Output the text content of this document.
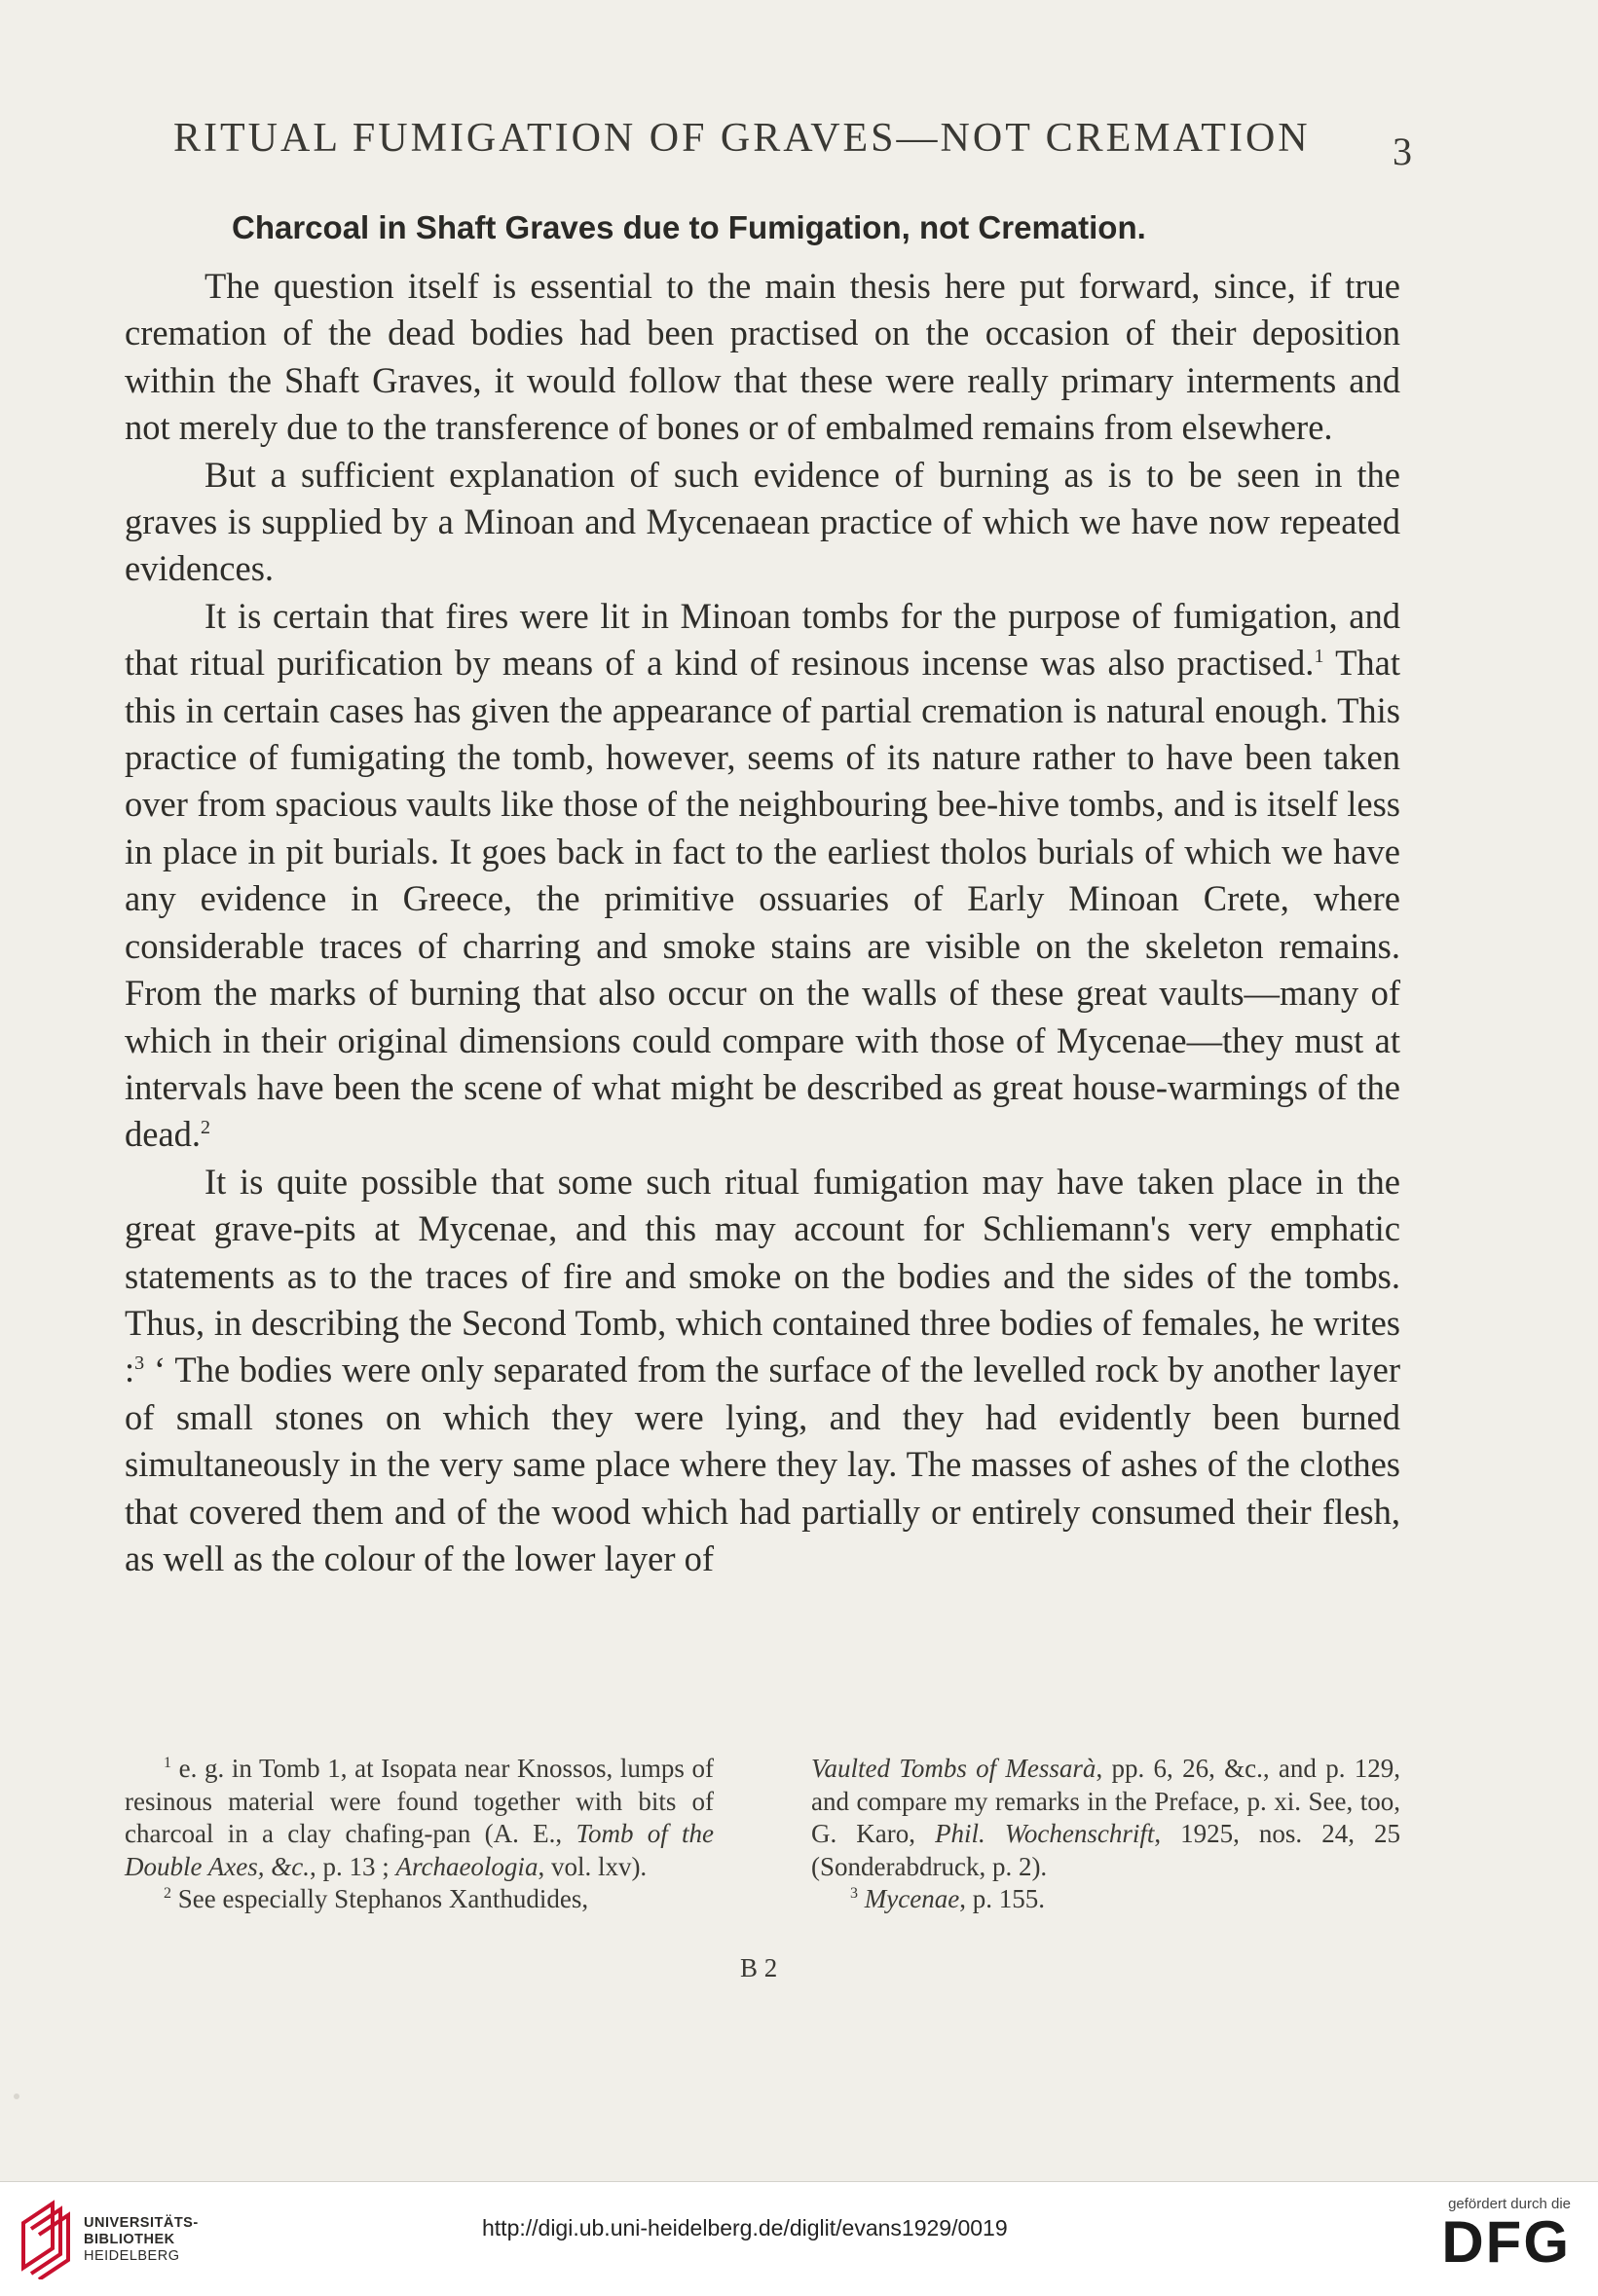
RITUAL FUMIGATION OF GRAVES—NOT CREMATION 3
Charcoal in Shaft Graves due to Fumigation, not Cremation.

The question itself is essential to the main thesis here put forward, since, if true cremation of the dead bodies had been practised on the occasion of their deposition within the Shaft Graves, it would follow that these were really primary interments and not merely due to the transference of bones or of embalmed remains from elsewhere.

But a sufficient explanation of such evidence of burning as is to be seen in the graves is supplied by a Minoan and Mycenaean practice of which we have now repeated evidences.

It is certain that fires were lit in Minoan tombs for the purpose of fumigation, and that ritual purification by means of a kind of resinous incense was also practised.$^1$ That this in certain cases has given the appearance of partial cremation is natural enough. This practice of fumigating the tomb, however, seems of its nature rather to have been taken over from spacious vaults like those of the neighbouring bee-hive tombs, and is itself less in place in pit burials. It goes back in fact to the earliest tholos burials of which we have any evidence in Greece, the primitive ossuaries of Early Minoan Crete, where considerable traces of charring and smoke stains are visible on the skeleton remains. From the marks of burning that also occur on the walls of these great vaults—many of which in their original dimensions could compare with those of Mycenae—they must at intervals have been the scene of what might be described as great house-warmings of the dead.$^2$

It is quite possible that some such ritual fumigation may have taken place in the great grave-pits at Mycenae, and this may account for Schliemann's very emphatic statements as to the traces of fire and smoke on the bodies and the sides of the tombs. Thus, in describing the Second Tomb, which contained three bodies of females, he writes :$^3$ ‘ The bodies were only separated from the surface of the levelled rock by another layer of small stones on which they were lying, and they had evidently been burned simultaneously in the very same place where they lay. The masses of ashes of the clothes that covered them and of the wood which had partially or entirely consumed their flesh, as well as the colour of the lower layer of

$^1$ e. g. in Tomb 1, at Isopata near Knossos, lumps of resinous material were found together with bits of charcoal in a clay chafing-pan (A. E., Tomb of the Double Axes, &c., p. 13 ; Archaeologia, vol. lxv).

$^2$ See especially Stephanos Xanthudides,

Vaulted Tombs of Messarà, pp. 6, 26, &c., and p. 129, and compare my remarks in the Preface, p. xi. See, too, G. Karo, Phil. Wochenschrift, 1925, nos. 24, 25 (Sonderabdruck, p. 2).

$^3$ Mycenae, p. 155.

B 2
UNIVERSITÄTS-
BIBLIOTHEK
HEIDELBERG
http://digi.ub.uni-heidelberg.de/diglit/evans1929/0019
gefördert durch die
DFG
